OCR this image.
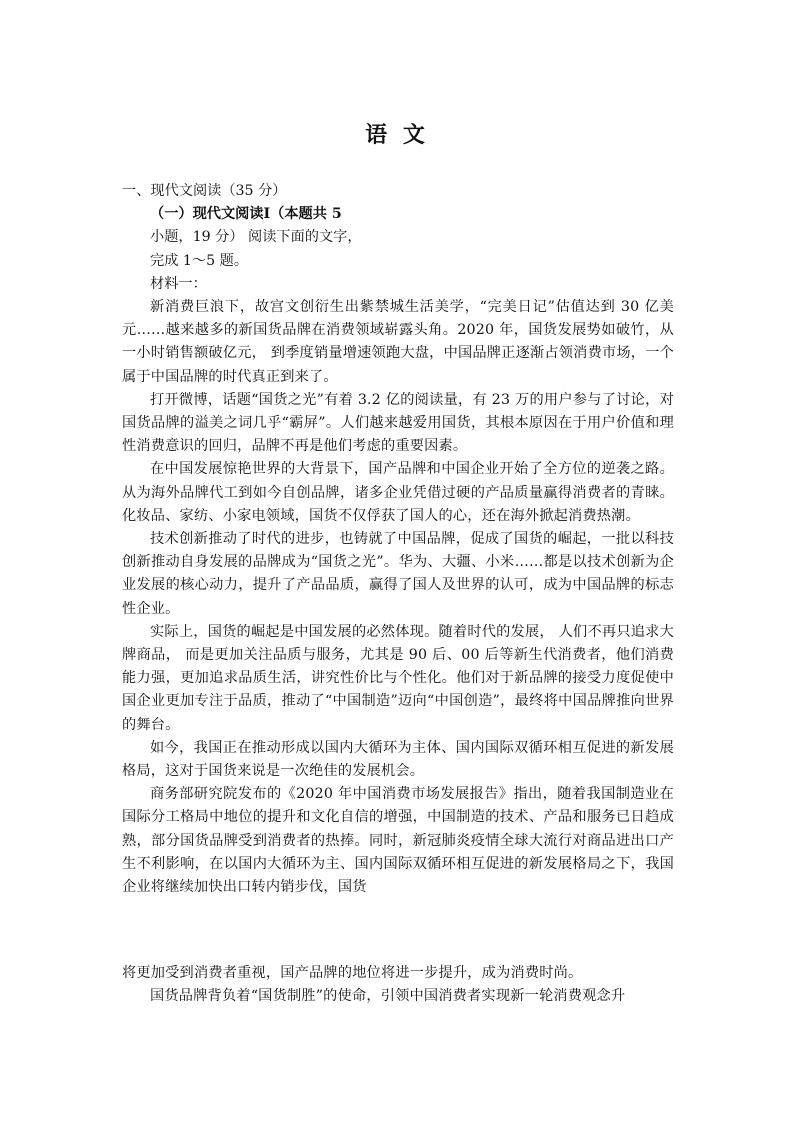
语 文
一、现代文阅读（35 分）
（一）现代文阅读Ⅰ（本题共 5
小题，19 分） 阅读下面的文字，
完成 1～5 题。
材料一：

新消费巨浪下，故宫文创衍生出紫禁城生活美学，“完美日记”估值达到 30 亿美元……越来越多的新国货品牌在消费领域崭露头角。2020 年，国货发展势如破竹，从一小时销售额破亿元， 到季度销量增速领跑大盘，中国品牌正逐渐占领消费市场，一个属于中国品牌的时代真正到来了。

打开微博，话题“国货之光”有着 3.2 亿的阅读量，有 23 万的用户参与了讨论，对国货品牌的溢美之词几乎“霸屏”。人们越来越爱用国货，其根本原因在于用户价值和理性消费意识的回归，品牌不再是他们考虑的重要因素。

在中国发展惊艳世界的大背景下，国产品牌和中国企业开始了全方位的逆袭之路。从为海外品牌代工到如今自创品牌，诸多企业凭借过硬的产品质量赢得消费者的青睐。化妆品、家纺、小家电领域，国货不仅俘获了国人的心，还在海外掀起消费热潮。

技术创新推动了时代的进步，也铸就了中国品牌，促成了国货的崛起，一批以科技创新推动自身发展的品牌成为“国货之光”。华为、大疆、小米……都是以技术创新为企业发展的核心动力，提升了产品品质，赢得了国人及世界的认可，成为中国品牌的标志性企业。

实际上，国货的崛起是中国发展的必然体现。随着时代的发展， 人们不再只追求大牌商品， 而是更加关注品质与服务，尤其是 90 后、00 后等新生代消费者，他们消费能力强，更加追求品质生活，讲究性价比与个性化。他们对于新品牌的接受力度促使中国企业更加专注于品质，推动了“中国制造”迈向“中国创造”，最终将中国品牌推向世界的舞台。

如今，我国正在推动形成以国内大循环为主体、国内国际双循环相互促进的新发展格局，这对于国货来说是一次绝佳的发展机会。

商务部研究院发布的《2020 年中国消费市场发展报告》指出，随着我国制造业在国际分工格局中地位的提升和文化自信的增强，中国制造的技术、产品和服务已日趋成熟，部分国货品牌受到消费者的热捧。同时，新冠肺炎疫情全球大流行对商品进出口产生不利影响，在以国内大循环为主、国内国际双循环相互促进的新发展格局之下，我国企业将继续加快出口转内销步伐，国货

将更加受到消费者重视，国产品牌的地位将进一步提升，成为消费时尚。

国货品牌背负着“国货制胜”的使命，引领中国消费者实现新一轮消费观念升
